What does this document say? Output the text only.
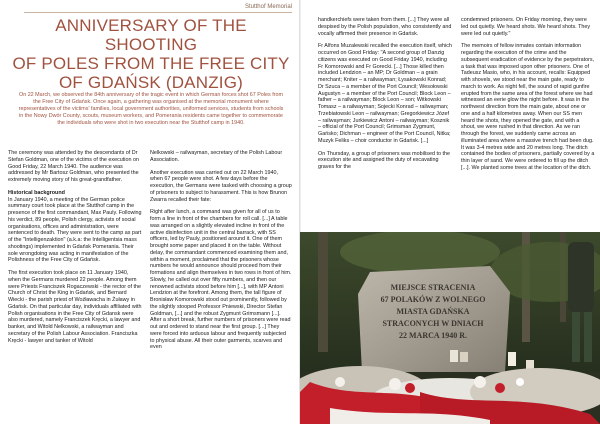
Stutthof Memorial
ANNIVERSARY OF THE SHOOTING
OF POLES FROM THE FREE CITY
OF GDAŃSK (DANZIG)

On 22 March, we observed the 84th anniversary of the tragic event in which German forces shot 67 Poles from the Free City of Gdańsk. Once again, a gathering was organised at the memorial monument where representatives of the victims' families, local government authorities, uniformed services, students from schools in the Nowy Dwór County, scouts, museum workers, and Pomerania residents came together to commemorate the individuals who were shot in two execution near the Stutthof camp in 1940.

The ceremony was attended by the descendants of Dr Stefan Goldman, one of the victims of the execution on Good Friday, 22 March 1940. The audience was addressed by Mr Bartosz Goldman, who presented the extremely moving story of his great-grandfather.

Historical background

In January 1940, a meeting of the German police summary court took place at the Stutthof camp in the presence of the first commandant, Max Pauly. Following his verdict, 89 people, Polish clergy, activists of social organisations, offices and administration, were sentenced to death. They were sent to the camp as part of the "Intelligenzaktion" (a.k.a: the Intelligentsia mass shootings) implemented in Gdańsk Pomerania. Their sole wrongdoing was acting in manifestation of the Polishness of the Free City of Gdańsk.

The first execution took place on 11 January 1940, when the Germans murdered 22 people. Among them were Priests Franciszek Rogaczewski - the rector of the Church of Christ the King in Gdańsk, and Bernard Wiecki - the parish priest of Woźławacha in Żuławy in Gdańsk. On that particular day, individuals affiliated with Polish organisations in the Free City of Gdansk were also murdered, namely Franciszek Kręcki, a lawyer and banker, and Witold Nelkowski, a railwayman and secretary of the Polish Labour Association. Franciszka Kręcki - lawyer and tanker of Witold

Nelkowski – railwayman, secretary of the Polish Labour Association.

Another execution was carried out on 22 March 1940, when 67 people were shot. A few days before the execution, the Germans were tasked with choosing a group of prisoners to subject to harassment. This is how Brunon Zwarra recalled their fate:

Right after lunch, a command was given for all of us to form a line in front of the chambers for roll call. [...] A table was arranged on a slightly elevated incline in front of the active disinfection unit in the central barrack, with SS officers, led by Pauly, positioned around it. One of them brought some paper and placed it on the table. Without delay, the commandant commenced examining them and, within a moment, proclaimed that the prisoners whose numbers he would announce should proceed from their formations and align themselves in two rows in front of him. Slowly, he called out over fifty numbers, and then our renowned activists stood before him [...], with MP Antoni Lendzion at the forefront. Among them, the tall figure of Bronisław Komorowski stood out prominently, followed by the slightly stooped Professor Pniewski, Director Stefan Goldman, [...] and the robust Zygmunt Grimsmann [...]. After a short break, further numbers of prisoners were read out and ordered to stand near the first group. [...] They were forced into arduous labour and frequently subjected to physical abuse. All their outer garments, scarves and even

handkerchiefs were taken from them. [...] They were all despised by the Polish population, who consistently and vocally affirmed their presence in Gdańsk.

Fr Alfons Muzalewski recalled the execution itself, which occurred on Good Friday: "A second group of Danzig citizens was executed on Good Friday 1940, including Fr Komorowski and Fr Gorecki. [...] Those killed then included Lendzion – an MP; Dr Goldman – a grain merchant; Kniter – a railwayman; Łysakowski Konrad; Dr Szuca – a member of the Port Council; Wesołowski Augustyn – a member of the Port Council; Block Leon – father – a railwayman; Block Leon – son; Witkowski Tomasz – a railwayman; Sojecki Konrad – railwayman; Trzebiatowski Leon – railwayman; Gregorkiewicz Józef – railwayman; Jurkiewicz Antoni – railwayman; Kosznik – official of the Port Council; Grimsman Zygmunt, Gańsko; Dichman – engineer of the Port Council, Nitka; Muzyk Feliks – choir conductor in Gdańsk. [...]

On Thursday, a group of prisoners was mobilised to the execution site and assigned the duty of excavating graves for the

condemned prisoners. On Friday morning, they were led out quietly. We heard shots. We heard shots. They were led out quietly."

The memoirs of fellow inmates contain information regarding the execution of the crime and the subsequent eradication of evidence by the perpetrators, a task that was imposed upon other prisoners. One of Tadeusz Masio, who, in his account, recalls: Equipped with shovels, we stood near the main gate, ready to march to work. As night fell, the sound of rapid gunfire erupted from the same area of the forest where we had witnessed an eerie glow the night before. It was in the northwest direction from the main gate, about one or one and a half kilometres away. When our SS men heard the shots, they opened the gate, and with a shout, we were rushed in that direction. As we ran through the forest, we suddenly came across an illuminated area where a massive trench had been dug. It was 3-4 metres wide and 20 metres long. The ditch contained the bodies of prisoners, partially covered by a thin layer of sand. We were ordered to fill up the ditch [...]. We planted some trees at the location of the ditch.

MIEJSCE STRACENIA
67 POLAKÓW Z WOLNEGO
MIASTA GDAŃSKA
STRACONYCH W DNIACH
22 MARCA 1940 R.
